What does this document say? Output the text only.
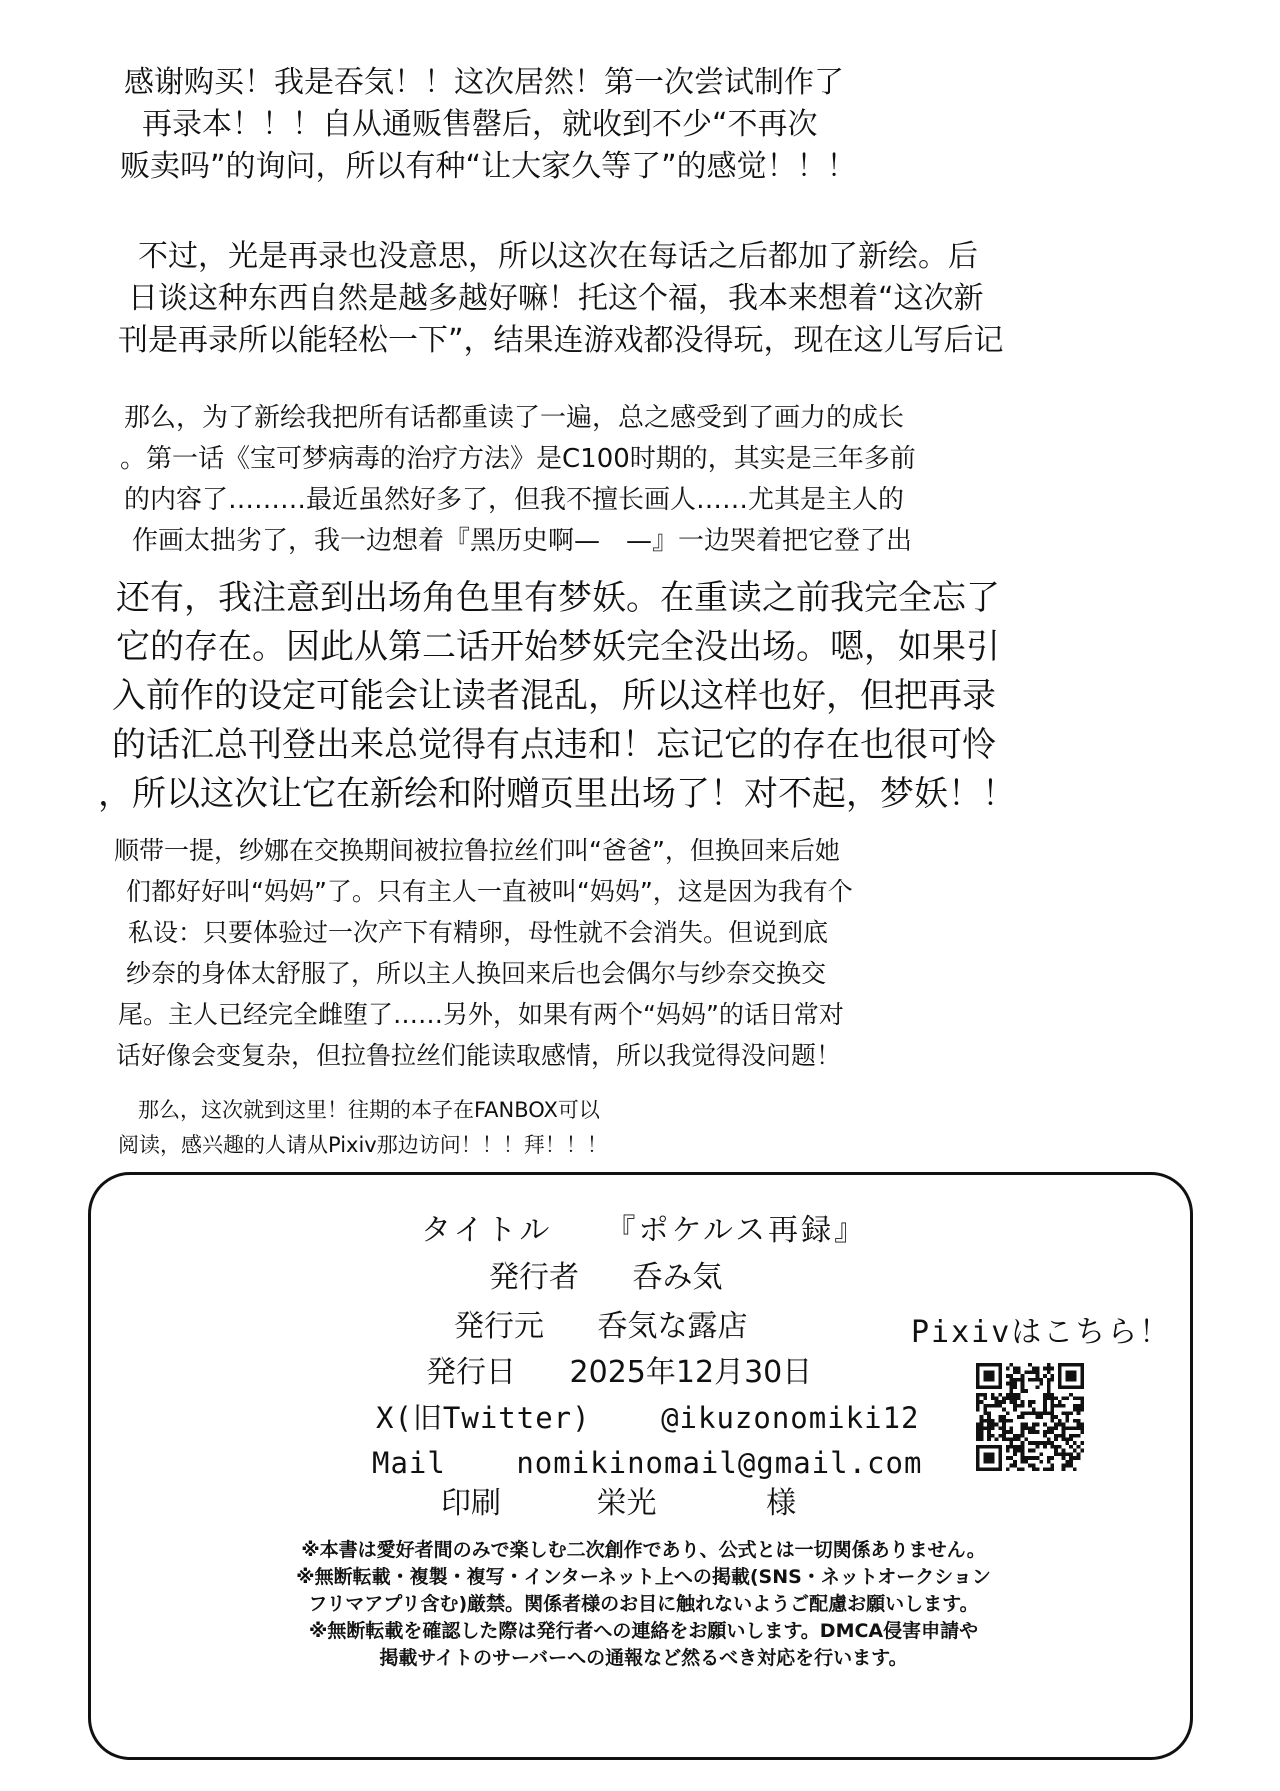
感谢购买！我是吞気！！这次居然！第一次尝试制作了
再录本！！！自从通贩售罄后，就收到不少“不再次
贩卖吗”的询问，所以有种“让大家久等了”的感觉！！！
不过，光是再录也没意思，所以这次在每话之后都加了新绘。后
日谈这种东西自然是越多越好嘛！托这个福，我本来想着“这次新
刊是再录所以能轻松一下”，结果连游戏都没得玩，现在这儿写后记
那么，为了新绘我把所有话都重读了一遍，总之感受到了画力的成长
。第一话《宝可梦病毒的治疗方法》是C100时期的，其实是三年多前
的内容了………最近虽然好多了，但我不擅长画人……尤其是主人的
作画太拙劣了，我一边想着『黑历史啊—　—』一边哭着把它登了出
还有，我注意到出场角色里有梦妖。在重读之前我完全忘了
它的存在。因此从第二话开始梦妖完全没出场。嗯，如果引
入前作的设定可能会让读者混乱，所以这样也好，但把再录
的话汇总刊登出来总觉得有点违和！忘记它的存在也很可怜
，所以这次让它在新绘和附赠页里出场了！对不起，梦妖！！
顺带一提，纱娜在交换期间被拉鲁拉丝们叫“爸爸”，但换回来后她
们都好好叫“妈妈”了。只有主人一直被叫“妈妈”，这是因为我有个
私设：只要体验过一次产下有精卵，母性就不会消失。但说到底
纱奈的身体太舒服了，所以主人换回来后也会偶尔与纱奈交换交
尾。主人已经完全雌堕了……另外，如果有两个“妈妈”的话日常对
话好像会变复杂，但拉鲁拉丝们能读取感情，所以我觉得没问题！
那么，这次就到这里！往期的本子在FANBOX可以
阅读，感兴趣的人请从Pixiv那边访问！！！拜！！！
タイトル 『ポケルス再録』
発行者 呑み気
発行元 呑気な露店
発行日 2025年12月30日
X(旧Twitter) @ikuzonomiki12
Mail nomikinomail@gmail.com
印刷	栄光	様
Pixivはこちら！
※本書は愛好者間のみで楽しむ二次創作であり、公式とは一切関係ありません。
※無断転載・複製・複写・インターネット上への掲載(SNS・ネットオークション
フリマアプリ含む)厳禁。関係者様のお目に触れないようご配慮お願いします。
※無断転載を確認した際は発行者への連絡をお願いします。DMCA侵害申請や
掲載サイトのサーバーへの通報など然るべき対応を行います。
